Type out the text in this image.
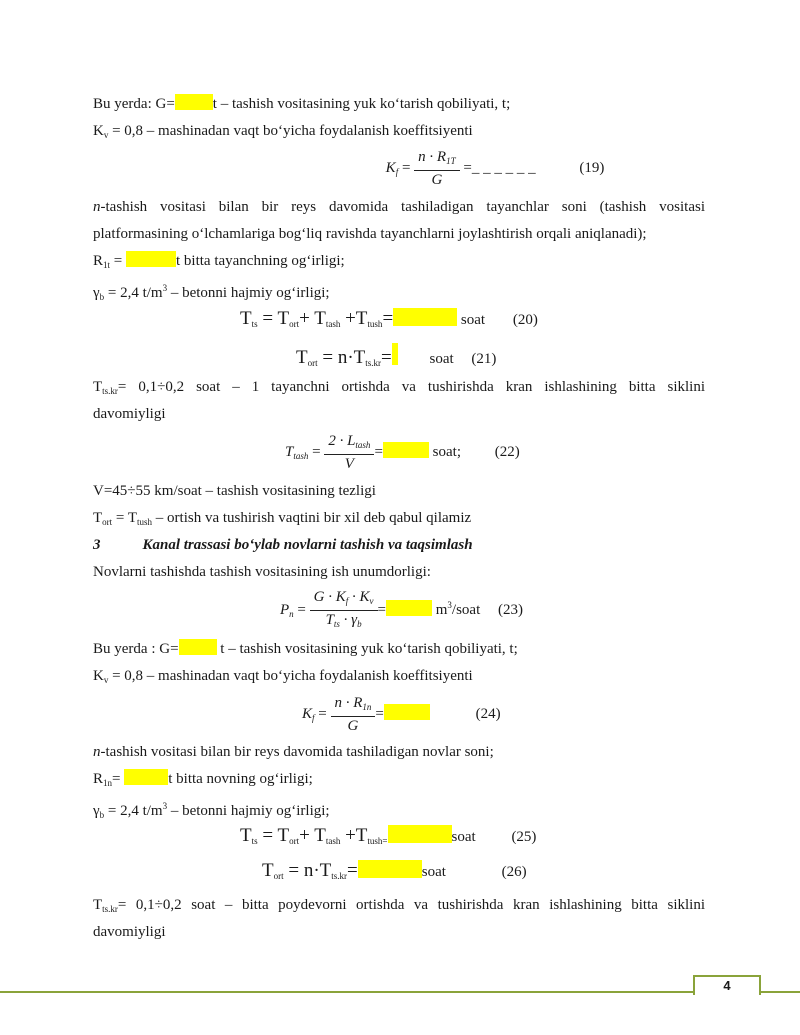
Bu yerda: G=	t – tashish vositasining yuk ko‘tarish qobiliyati, t;
$K_v = 0,8$ – mashinadan vaqt bo‘yicha foydalanish koeffitsiyenti
$K_f = \frac{n \cdot R_{1T}}{G}$ =_ _ _ _ _ _	(19)
n-tashish vositasi bilan bir reys davomida tashiladigan tayanchlar soni (tashish vositasi
platformasining o‘lchamlariga bog‘liq ravishda tayanchlarni joylashtirish orqali aniqlanadi);
$R_{1t}$ =	t bitta tayanchning og‘irligi;
$\gamma_b = 2,4$ $t/m^3$ – betonni hajmiy og‘irligi;
$T_{ts} = T_{ort}+ T_{tash} +T_{tush}=$	soat (20)
$T_{ort} = n\cdot T_{ts.kr}=$	soat (21)
$T_{ts.kr}= 0,1\div 0,2$ soat – 1 tayanchni ortishda va tushirishda kran ishlashining bitta siklini
davomiyligi
$T_{tash} = \frac{2 \cdot L_{tash}}{V}$ =	soat; (22)
V=45÷55 km/soat – tashish vositasining tezligi
$T_{ort} = T_{tush}$ – ortish va tushirish vaqtini bir xil deb qabul qilamiz
3	Kanal trassasi bo‘ylab novlarni tashish va taqsimlash
Novlarni tashishda tashish vositasining ish unumdorligi:
$P_n = \frac{G \cdot K_f \cdot K_v}{T_{ts} \cdot \gamma_b}$ =	$m^3$/soat (23)
Bu yerda : G=	t – tashish vositasining yuk ko‘tarish qobiliyati, t;
$K_v = 0,8$ – mashinadan vaqt bo‘yicha foydalanish koeffitsiyenti
$K_f = \frac{n \cdot R_{1n}}{G}$ =	(24)
n-tashish vositasi bilan bir reys davomida tashiladigan novlar soni;
$R_{1n}=$	t bitta novning og‘irligi;
$\gamma_b = 2,4$ $t/m^3$ – betonni hajmiy og‘irligi;
$T_{ts} = T_{ort}+ T_{tash} +T_{tush=}$	soat (25)
$T_{ort} = n\cdot T_{ts.kr}=$	soat	(26)
$T_{ts.kr}= 0,1\div 0,2$ soat – bitta poydevorni ortishda va tushirishda kran ishlashining bitta siklini
davomiyligi
4
